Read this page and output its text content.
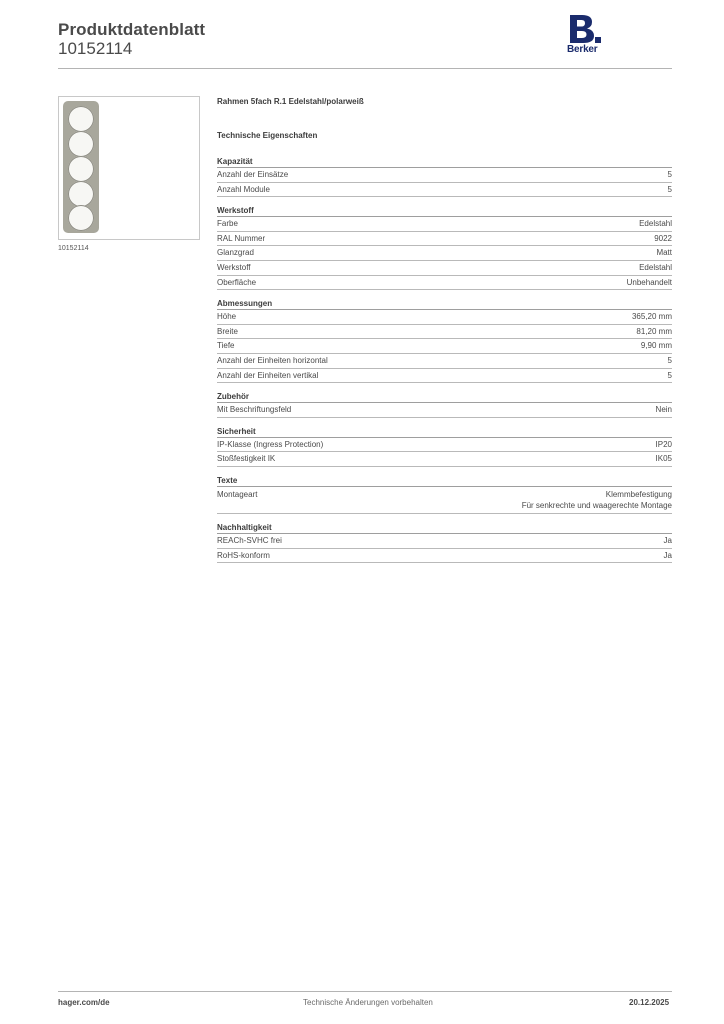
Produktdatenblatt
10152114	Berker
10152114
Rahmen 5fach R.1 Edelstahl/polarweiß
Technische Eigenschaften
Kapazität
Anzahl der Einsätze	5
Anzahl Module	5
Werkstoff
Farbe	Edelstahl
RAL Nummer	9022
Glanzgrad	Matt
Werkstoff	Edelstahl
Oberfläche	Unbehandelt
Abmessungen
Höhe	365,20 mm
Breite	81,20 mm
Tiefe	9,90 mm
Anzahl der Einheiten horizontal	5
Anzahl der Einheiten vertikal	5
Zubehör
Mit Beschriftungsfeld	Nein
Sicherheit
IP-Klasse (Ingress Protection)	IP20
Stoßfestigkeit IK	IK05
Texte
Montageart	Klemmbefestigung
Für senkrechte und waagerechte Montage
Nachhaltigkeit
REACh-SVHC frei	Ja
RoHS-konform	Ja
hager.com/de	Technische Änderungen vorbehalten	20.12.2025
